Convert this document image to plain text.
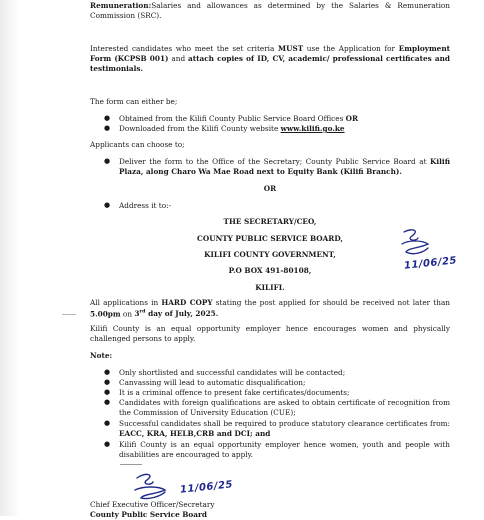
Remuneration:Salaries and allowances as determined by the Salaries & Remuneration Commission (SRC).
Interested candidates who meet the set criteria MUST use the Application for Employment Form (KCPSB 001) and attach copies of ID, CV, academic/ professional certificates and testimonials.
The form can either be;
● Obtained from the Kilifi County Public Service Board Offices OR
● Downloaded from the Kilifi County website www.kilifi.go.ke
Applicants can choose to;
● Deliver the form to the Office of the Secretary; County Public Service Board at Kilifi Plaza, along Charo Wa Mae Road next to Equity Bank (Kilifi Branch).
OR
● Address it to:-
THE SECRETARY/CEO,
COUNTY PUBLIC SERVICE BOARD,
KILIFI COUNTY GOVERNMENT,
P.O BOX 491-80108,
KILIFI.
All applications in HARD COPY stating the post applied for should be received not later than 5.00pm on 3rd day of July, 2025.
Kilifi County is an equal opportunity employer hence encourages women and physically challenged persons to apply.
Note:
● Only shortlisted and successful candidates will be contacted;
● Canvassing will lead to automatic disqualification;
● It is a criminal offence to present fake certificates/documents;
● Candidates with foreign qualifications are asked to obtain certificate of recognition from the Commission of University Education (CUE);
● Successful candidates shall be required to produce statutory clearance certificates from: EACC, KRA, HELB,CRB and DCI; and
● Kilifi County is an equal opportunity employer hence women, youth and people with disabilities are encouraged to apply.
Chief Executive Officer/Secretary
County Public Service Board
11/06/25
11/06/25
